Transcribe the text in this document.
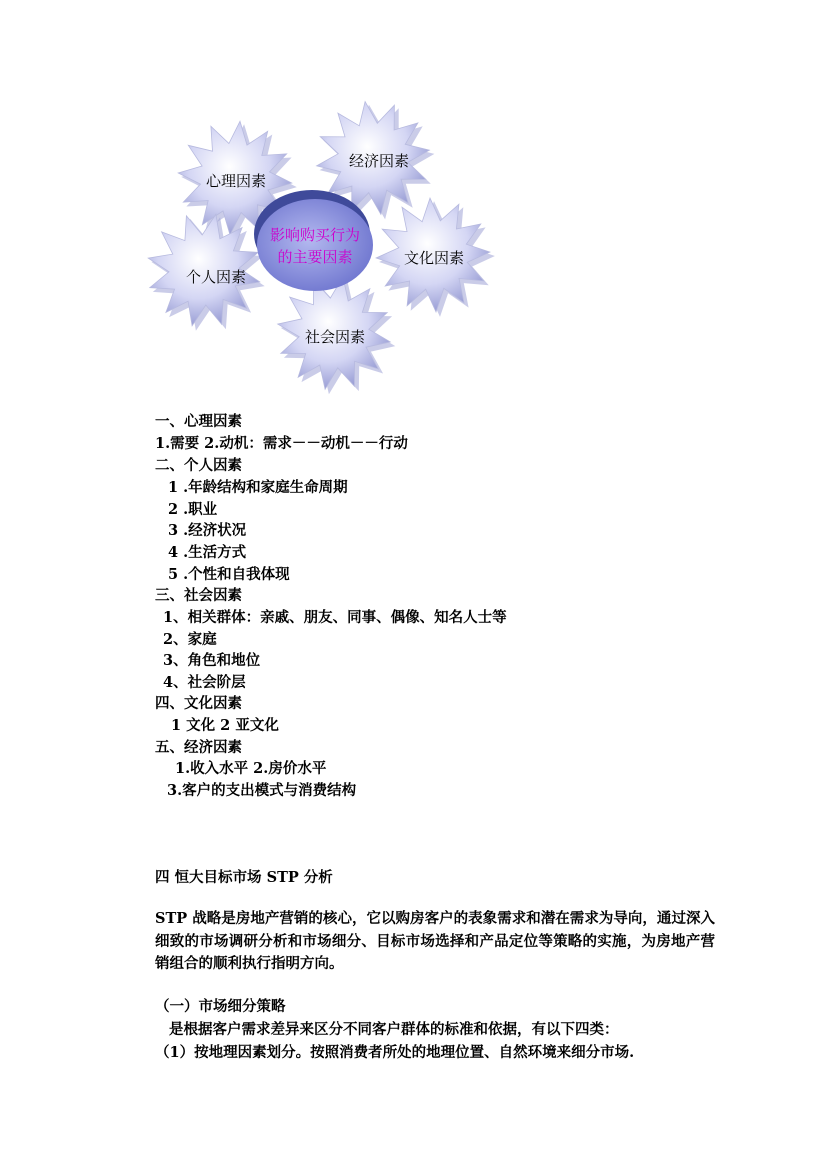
心理因素
经济因素
个人因素
文化因素
社会因素
影响购买行为
的主要因素
一、心理因素
1.需要 2.动机：需求－－动机－－行动
二、个人因素
1 .年龄结构和家庭生命周期
2 .职业
3 .经济状况
4 .生活方式
5 .个性和自我体现
三、社会因素
1、相关群体：亲戚、朋友、同事、偶像、知名人士等
2、家庭
3、角色和地位
4、社会阶层
四、文化因素
1 文化 2 亚文化
五、经济因素
1.收入水平 2.房价水平
3.客户的支出模式与消费结构
四 恒大目标市场 STP 分析
STP 战略是房地产营销的核心，它以购房客户的表象需求和潜在需求为导向，通过深入细致的市场调研分析和市场细分、目标市场选择和产品定位等策略的实施，为房地产营销组合的顺利执行指明方向。
（一）市场细分策略
是根据客户需求差异来区分不同客户群体的标准和依据，有以下四类：
（1）按地理因素划分。按照消费者所处的地理位置、自然环境来细分市场.
